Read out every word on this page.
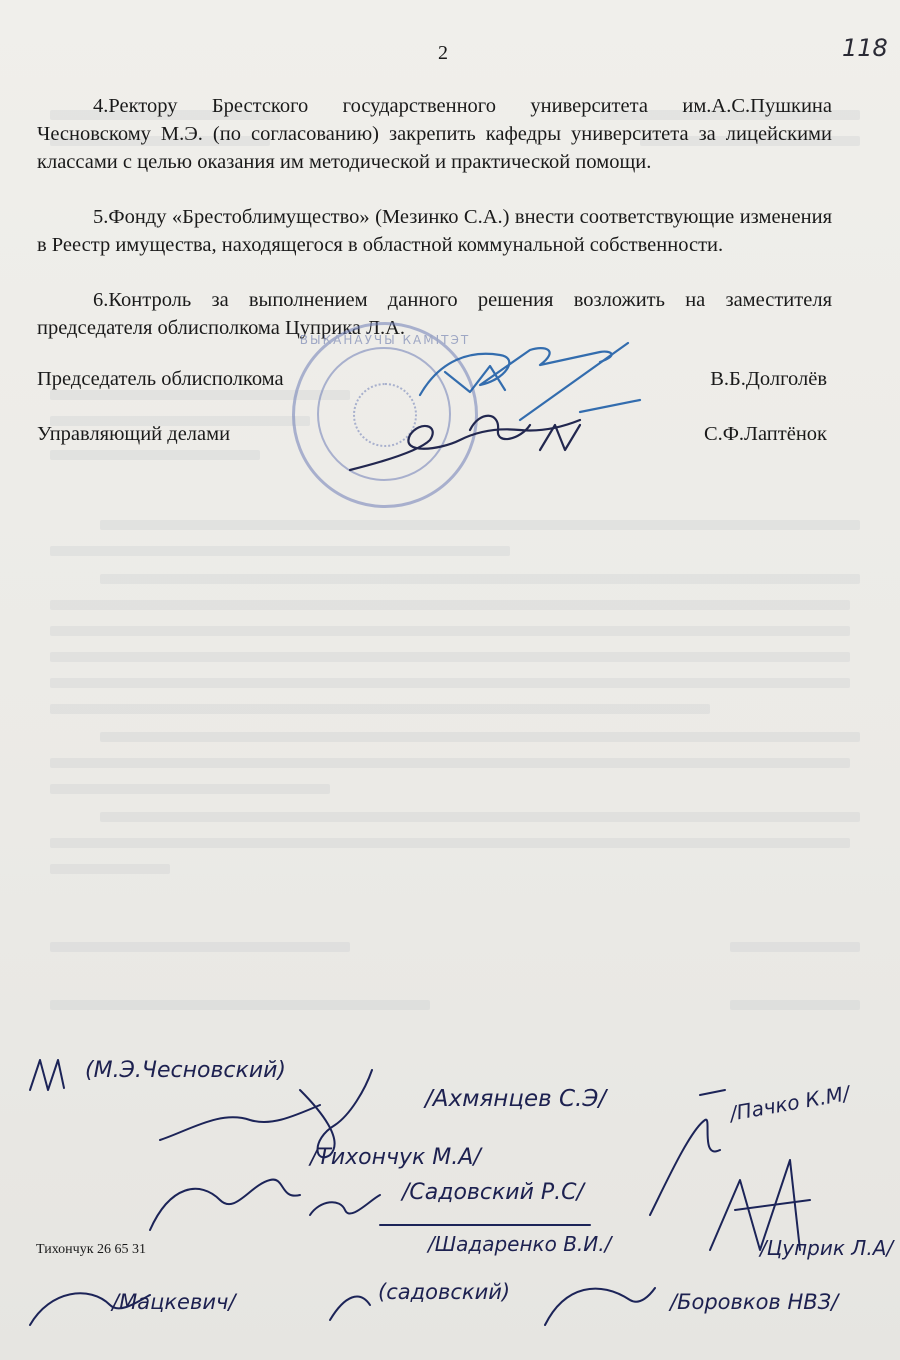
2	118
4.Ректору Брестского государственного университета им.А.С.Пушкина Чесновскому М.Э. (по согласованию) закрепить кафедры университета за лицейскими классами с целью оказания им методической и практической помощи.
5.Фонду «Брестоблимущество» (Мезинко С.А.) внести соответствующие изменения в Реестр имущества, находящегося в областной коммунальной собственности.
6.Контроль за выполнением данного решения возложить на заместителя председателя облисполкома Цуприка Л.А.
ВЫКАНАЎЧЫ КАМІТЭТ
Председатель облисполкома	В.Б.Долголёв
Управляющий делами	С.Ф.Лаптёнок
(М.Э.Чесновский)
/Ахмянцев С.Э/	/Пачко К.М/
/Тихончук М.А/
/Садовский Р.С/
/Шадаренко В.И./	/Цуприк Л.А/
/Мацкевич/	(садовский)	/Боровков НВЗ/
Тихончук 26 65 31
